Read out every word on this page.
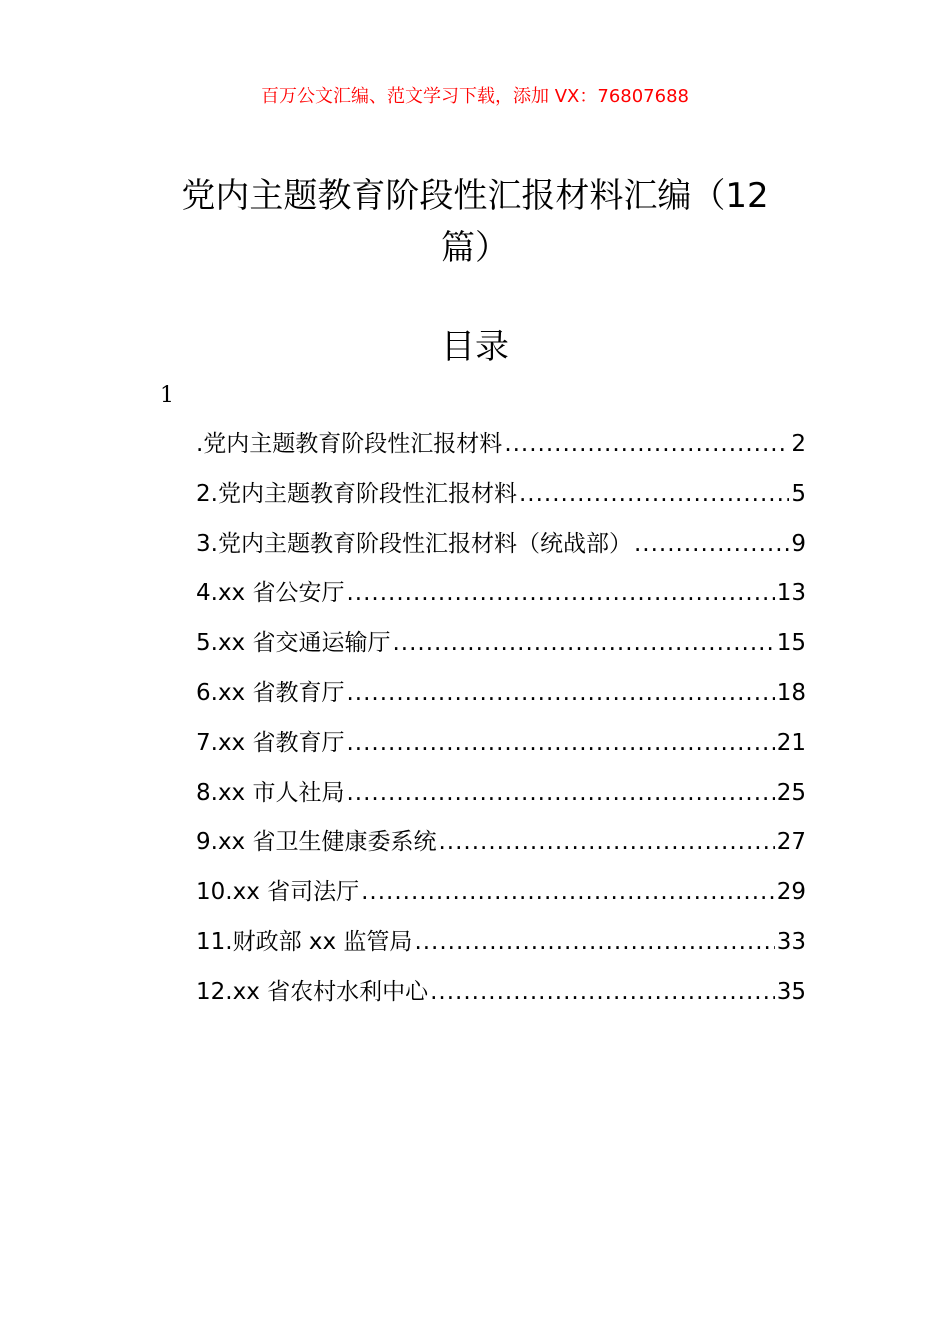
百万公文汇编、范文学习下载，添加 VX：76807688
党内主题教育阶段性汇报材料汇编（12
篇）
目录
1
.党内主题教育阶段性汇报材料 .....	2
2.党内主题教育阶段性汇报材料 .....	5
3.党内主题教育阶段性汇报材料（统战部） .....	9
4.xx 省公安厅 .....	13
5.xx 省交通运输厅 .....	15
6.xx 省教育厅 .....	18
7.xx 省教育厅 .....	21
8.xx 市人社局 .....	25
9.xx 省卫生健康委系统 .....	27
10.xx 省司法厅 .....	29
11.财政部 xx 监管局 .....	33
12.xx 省农村水利中心 .....	35
